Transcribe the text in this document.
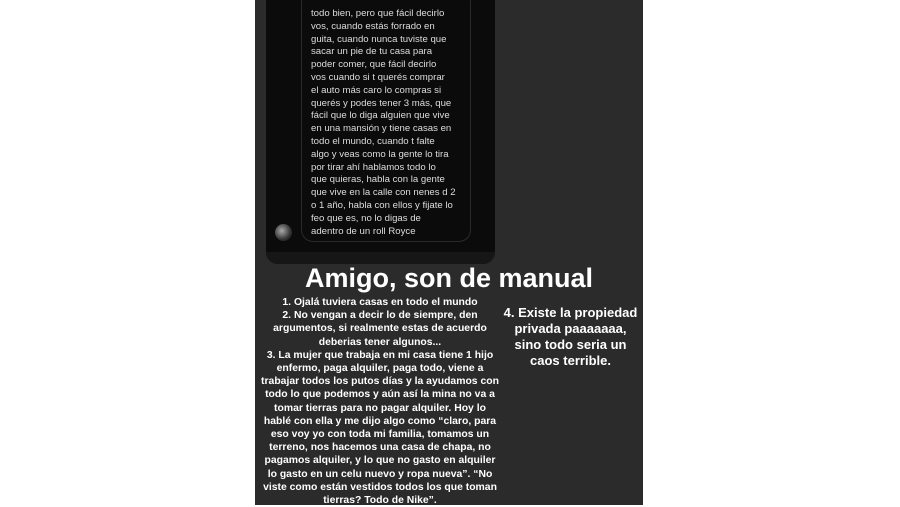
todo bien, pero que fácil decirlo
vos, cuando estás forrado en
guita, cuando nunca tuviste que
sacar un pie de tu casa para
poder comer, que fácil decirlo
vos cuando si t querés comprar
el auto más caro lo compras si
querés y podes tener 3 más, que
fácil que lo diga alguien que vive
en una mansión y tiene casas en
todo el mundo, cuando t falte
algo y veas como la gente lo tira
por tirar ahí hablamos todo lo
que quieras, habla con la gente
que vive en la calle con nenes d 2
o 1 año, habla con ellos y fijate lo
feo que es, no lo digas de
adentro de un roll Royce
Amigo, son de manual
1. Ojalá tuviera casas en todo el mundo
2. No vengan a decir lo de siempre, den
argumentos, si realmente estas de acuerdo
deberias tener algunos...
3. La mujer que trabaja en mi casa tiene 1 hijo
enfermo, paga alquiler, paga todo, viene a
trabajar todos los putos días y la ayudamos con
todo lo que podemos y aún así la mina no va a
tomar tierras para no pagar alquiler. Hoy lo
hablé con ella y me dijo algo como “claro, para
eso voy yo con toda mi familia, tomamos un
terreno, nos hacemos una casa de chapa, no
pagamos alquiler, y lo que no gasto en alquiler
lo gasto en un celu nuevo y ropa nueva”. “No
viste como están vestidos todos los que toman
tierras? Todo de Nike”.
4. Existe la propiedad
privada paaaaaaa,
sino todo seria un
caos terrible.
